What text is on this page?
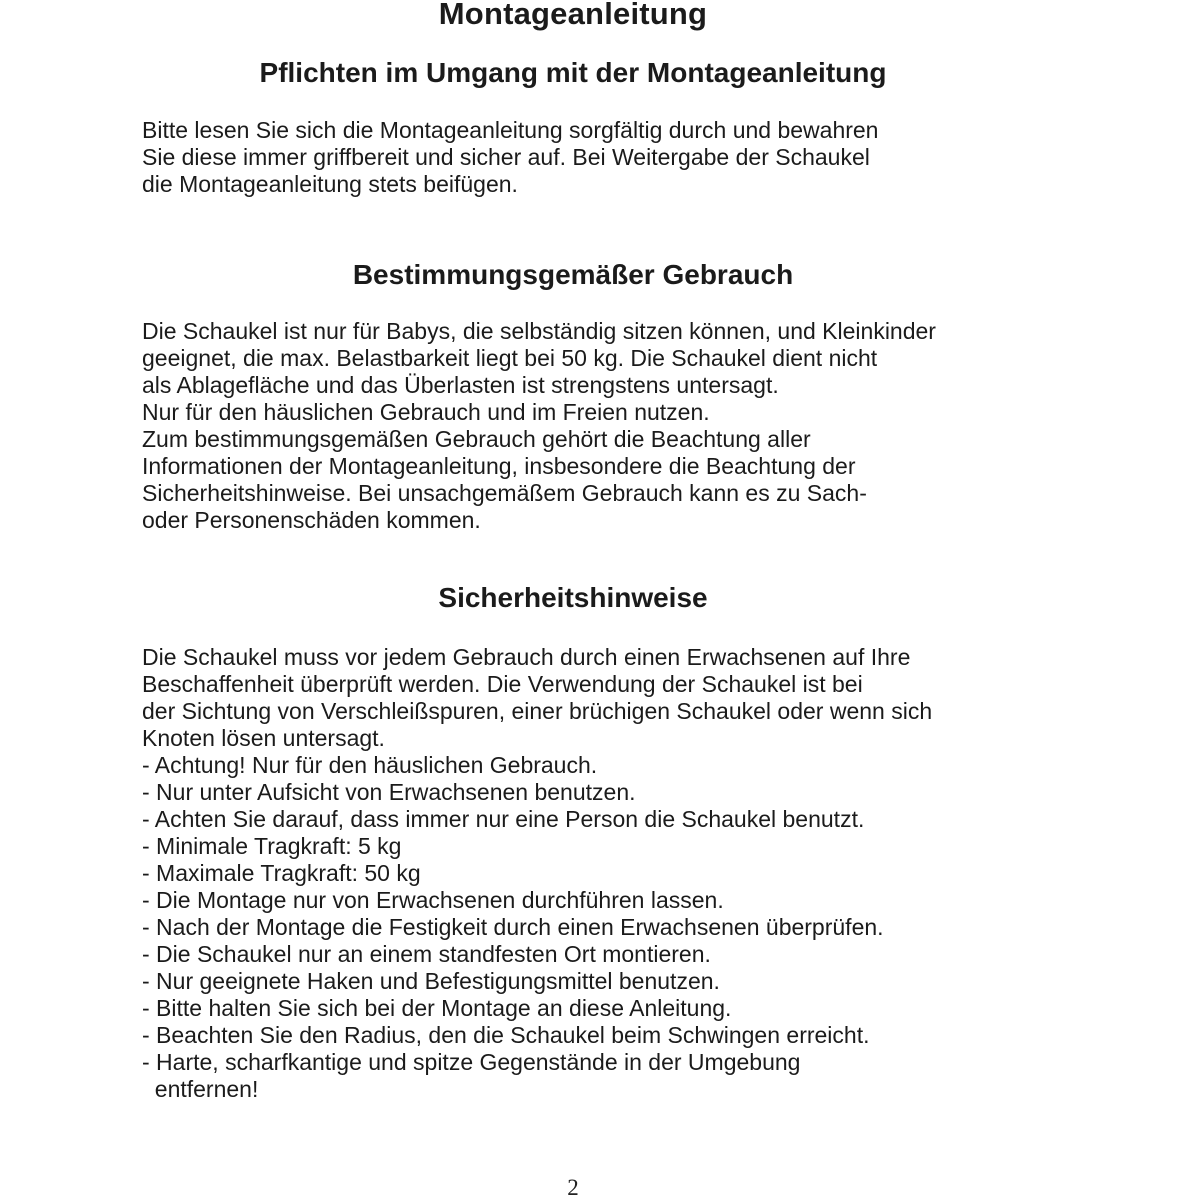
Montageanleitung
Pflichten im Umgang mit der Montageanleitung
Bitte lesen Sie sich die Montageanleitung sorgfältig durch und bewahren
Sie diese immer griffbereit und sicher auf. Bei Weitergabe der Schaukel
die Montageanleitung stets beifügen.
Bestimmungsgemäßer Gebrauch
Die Schaukel ist nur für Babys, die selbständig sitzen können, und Kleinkinder
geeignet, die max. Belastbarkeit liegt bei 50 kg. Die Schaukel dient nicht
als Ablagefläche und das Überlasten ist strengstens untersagt.
Nur für den häuslichen Gebrauch und im Freien nutzen.
Zum bestimmungsgemäßen Gebrauch gehört die Beachtung aller
Informationen der Montageanleitung, insbesondere die Beachtung der
Sicherheitshinweise. Bei unsachgemäßem Gebrauch kann es zu Sach-
oder Personenschäden kommen.
Sicherheitshinweise
Die Schaukel muss vor jedem Gebrauch durch einen Erwachsenen auf Ihre
Beschaffenheit überprüft werden. Die Verwendung der Schaukel ist bei
der Sichtung von Verschleißspuren, einer brüchigen Schaukel oder wenn sich
Knoten lösen untersagt.
- Achtung! Nur für den häuslichen Gebrauch.
- Nur unter Aufsicht von Erwachsenen benutzen.
- Achten Sie darauf, dass immer nur eine Person die Schaukel benutzt.
- Minimale Tragkraft: 5 kg
- Maximale Tragkraft: 50 kg
- Die Montage nur von Erwachsenen durchführen lassen.
- Nach der Montage die Festigkeit durch einen Erwachsenen überprüfen.
- Die Schaukel nur an einem standfesten Ort montieren.
- Nur geeignete Haken und Befestigungsmittel benutzen.
- Bitte halten Sie sich bei der Montage an diese Anleitung.
- Beachten Sie den Radius, den die Schaukel beim Schwingen erreicht.
- Harte, scharfkantige und spitze Gegenstände in der Umgebung
entfernen!
2
